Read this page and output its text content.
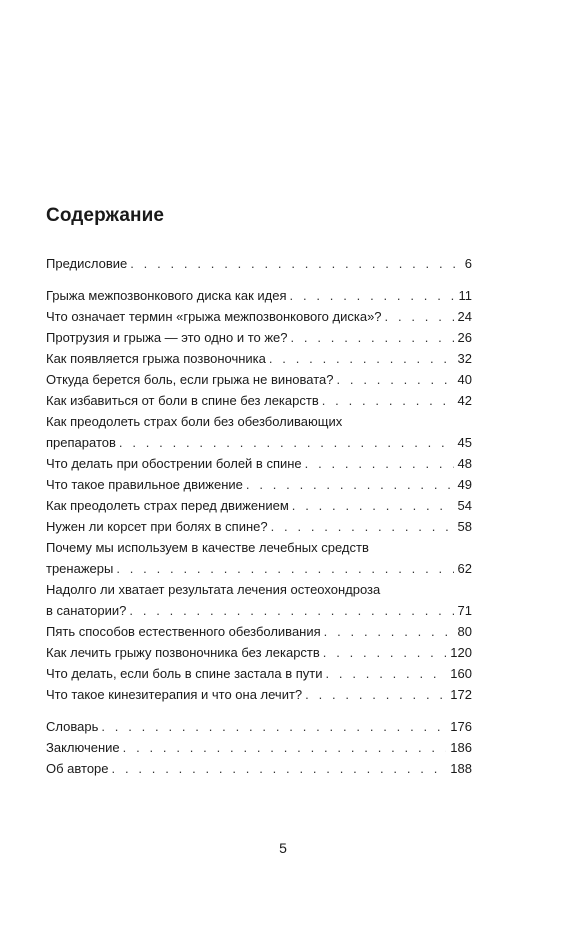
Содержание
Предисловие . . .	6
Грыжа межпозвонкового диска как идея . . .	11
Что означает термин «грыжа межпозвонкового диска»? . . .	24
Протрузия и грыжа — это одно и то же? . . .	26
Как появляется грыжа позвоночника . . .	32
Откуда берется боль, если грыжа не виновата? . . .	40
Как избавиться от боли в спине без лекарств . . .	42
Как преодолеть страх боли без обезболивающих
препаратов . . .	45
Что делать при обострении болей в спине . . .	48
Что такое правильное движение . . .	49
Как преодолеть страх перед движением . . .	54
Нужен ли корсет при болях в спине? . . .	58
Почему мы используем в качестве лечебных средств
тренажеры . . .	62
Надолго ли хватает результата лечения остеохондроза
в санатории? . . .	71
Пять способов естественного обезболивания . . .	80
Как лечить грыжу позвоночника без лекарств . . .	120
Что делать, если боль в спине застала в пути . . .	160
Что такое кинезитерапия и что она лечит? . . .	172
Словарь . . .	176
Заключение . . .	186
Об авторе . . .	188
5
